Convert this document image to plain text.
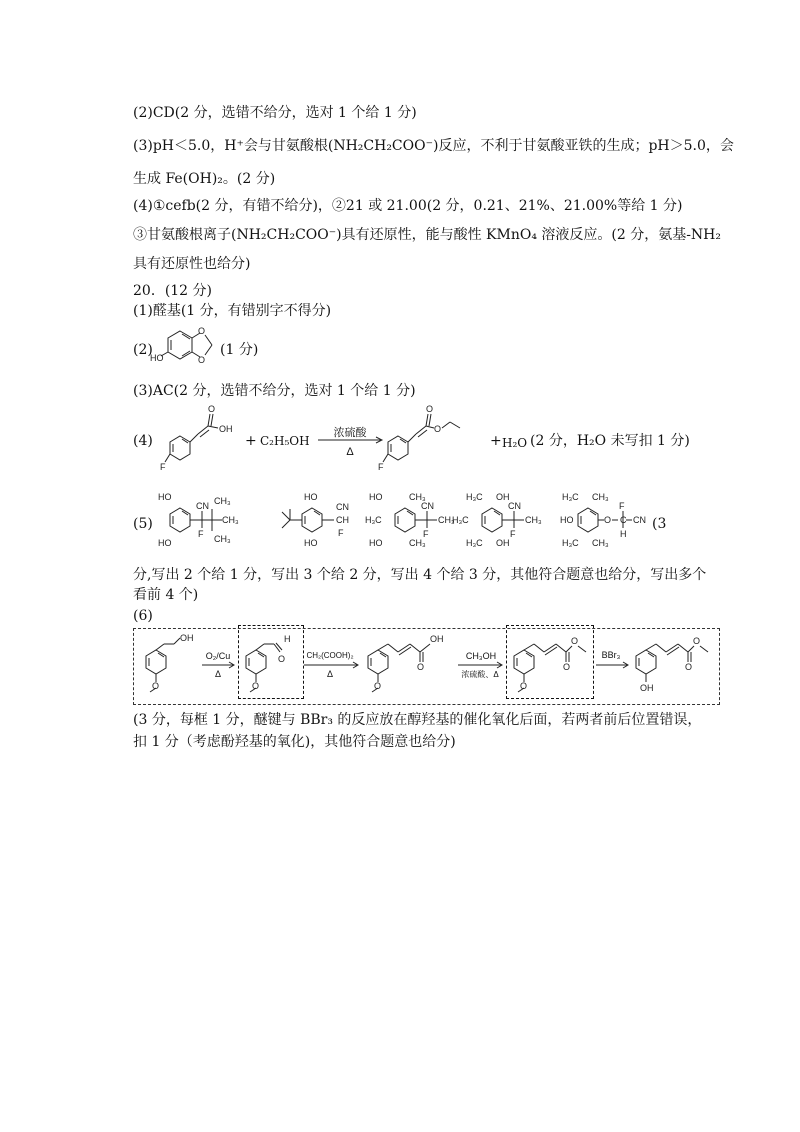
(2)CD(2 分，选错不给分，选对 1 个给 1 分)
(3)pH＜5.0，H⁺会与甘氨酸根(NH₂CH₂COO⁻)反应，不利于甘氨酸亚铁的生成；pH＞5.0，会
生成 Fe(OH)₂。(2 分)
(4)①cefb(2 分，有错不给分)，②21 或 21.00(2 分，0.21、21%、21.00%等给 1 分)
③甘氨酸根离子(NH₂CH₂COO⁻)具有还原性，能与酸性 KMnO₄ 溶液反应。(2 分，氨基-NH₂
具有还原性也给分)
20．(12 分)
(1)醛基(1 分，有错别字不得分)
(2)
O
O
HO	(1 分)
(3)AC(2 分，选错不给分，选对 1 个给 1 分)
(4)
O
OH
F
+ C₂H₅OH
浓硫酸
Δ
O
O
F
+ H₂O (2 分，H₂O 未写扣 1 分)
(5)
HO
HO
CN
F
CH₃
CH₃
CH₃
HO
HO
CN
CH
F
HO	CH₃
H₃C
HO	CH₃
CN
F
CH₃
H₃C OH
H₃C
H₃C OH
CN
F
CH₃
H₃C CH₃
HO
H₃C CH₃
O
F
C
H
CN (3
分,写出 2 个给 1 分，写出 3 个给 2 分，写出 4 个给 3 分，其他符合题意也给分，写出多个
看前 4 个)
(6)
OH
O
O₂/Cu
Δ
H
O
O
CH₂(COOH)₂
Δ
OH
O
O
CH₃OH
浓硫酸、Δ
O
O
O
BBr₃
O
O
OH
(3 分，每框 1 分，醚键与 BBr₃ 的反应放在醇羟基的催化氧化后面，若两者前后位置错误，
扣 1 分（考虑酚羟基的氧化)，其他符合题意也给分)
